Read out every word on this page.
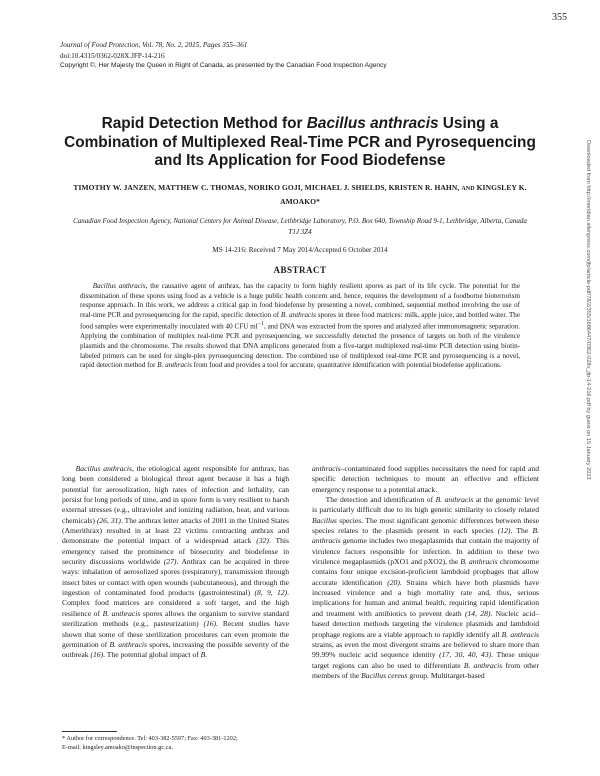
355
Journal of Food Protection, Vol. 78, No. 2, 2015, Pages 355–361
doi:10.4315/0362-028X.JFP-14-216
Copyright ©, Her Majesty the Queen in Right of Canada, as presented by the Canadian Food Inspection Agency
Rapid Detection Method for Bacillus anthracis Using a Combination of Multiplexed Real-Time PCR and Pyrosequencing and Its Application for Food Biodefense
TIMOTHY W. JANZEN, MATTHEW C. THOMAS, NORIKO GOJI, MICHAEL J. SHIELDS, KRISTEN R. HAHN, AND KINGSLEY K. AMOAKO*
Canadian Food Inspection Agency, National Centers for Animal Disease, Lethbridge Laboratory, P.O. Box 640, Township Road 9-1, Lethbridge, Alberta, Canada T1J 3Z4
MS 14-216: Received 7 May 2014/Accepted 6 October 2014
ABSTRACT
Bacillus anthracis, the causative agent of anthrax, has the capacity to form highly resilient spores as part of its life cycle. The potential for the dissemination of these spores using food as a vehicle is a huge public health concern and, hence, requires the development of a foodborne bioterrorism response approach. In this work, we address a critical gap in food biodefense by presenting a novel, combined, sequential method involving the use of real-time PCR and pyrosequencing for the rapid, specific detection of B. anthracis spores in three food matrices: milk, apple juice, and bottled water. The food samples were experimentally inoculated with 40 CFU $ml^{-1}$, and DNA was extracted from the spores and analyzed after immunomagnetic separation. Applying the combination of multiplex real-time PCR and pyrosequencing, we successfully detected the presence of targets on both of the virulence plasmids and the chromosome. The results showed that DNA amplicons generated from a five-target multiplexed real-time PCR detection using biotin-labeled primers can be used for single-plex pyrosequencing detection. The combined use of multiplexed real-time PCR and pyrosequencing is a novel, rapid detection method for B. anthracis from food and provides a tool for accurate, quantitative identification with potential biodefense applications.

Bacillus anthracis, the etiological agent responsible for anthrax, has long been considered a biological threat agent because it has a high potential for aerosolization, high rates of infection and lethality, can persist for long periods of time, and in spore form is very resilient to harsh external stresses (e.g., ultraviolet and ionizing radiation, heat, and various chemicals) (26, 31). The anthrax letter attacks of 2001 in the United States (Amerithrax) resulted in at least 22 victims contracting anthrax and demonstrate the potential impact of a widespread attack (32). This emergency raised the prominence of biosecurity and biodefense in security discussions worldwide (27). Anthrax can be acquired in three ways: inhalation of aerosolized spores (respiratory), transmission through insect bites or contact with open wounds (subcutaneous), and through the ingestion of contaminated food products (gastrointestinal) (8, 9, 12). Complex food matrices are considered a soft target, and the high resilience of B. anthracis spores allows the organism to survive standard sterilization methods (e.g., pasteurization) (16). Recent studies have shown that some of these sterilization procedures can even promote the germination of B. anthracis spores, increasing the possible severity of the outbreak (16). The potential global impact of B.

anthracis–contaminated food supplies necessitates the need for rapid and specific detection techniques to mount an effective and efficient emergency response to a potential attack.

The detection and identification of B. anthracis at the genomic level is particularly difficult due to its high genetic similarity to closely related Bacillus species. The most significant genomic differences between these species relates to the plasmids present in each species (12). The B. anthracis genome includes two megaplasmids that contain the majority of virulence factors responsible for infection. In addition to these two virulence megaplasmids (pXO1 and pXO2), the B. anthracis chromosome contains four unique excision-proficient lambdoid prophages that allow accurate identification (20). Strains which have both plasmids have increased virulence and a high mortality rate and, thus, serious implications for human and animal health, requiring rapid identification and treatment with antibiotics to prevent death (14, 28). Nucleic acid–based detection methods targeting the virulence plasmids and lambdoid prophage regions are a viable approach to rapidly identify all B. anthracis strains, as even the most divergent strains are believed to share more than 99.99% nucleic acid sequence identity (17, 30, 40, 43). These unique target regions can also be used to differentiate B. anthracis from other members of the Bacillus cereus group. Multitarget-based

* Author for correspondence. Tel: 403-382-5597; Fax: 403-381-1202;
E-mail: kingsley.amoako@inspection.gc.ca.
Downloaded from http://meridian.allenpress.com/jfp/article-pdf/78/2/355/1686447/0362-028x_jfp-14-216.pdf by guest on 15 January 2023
